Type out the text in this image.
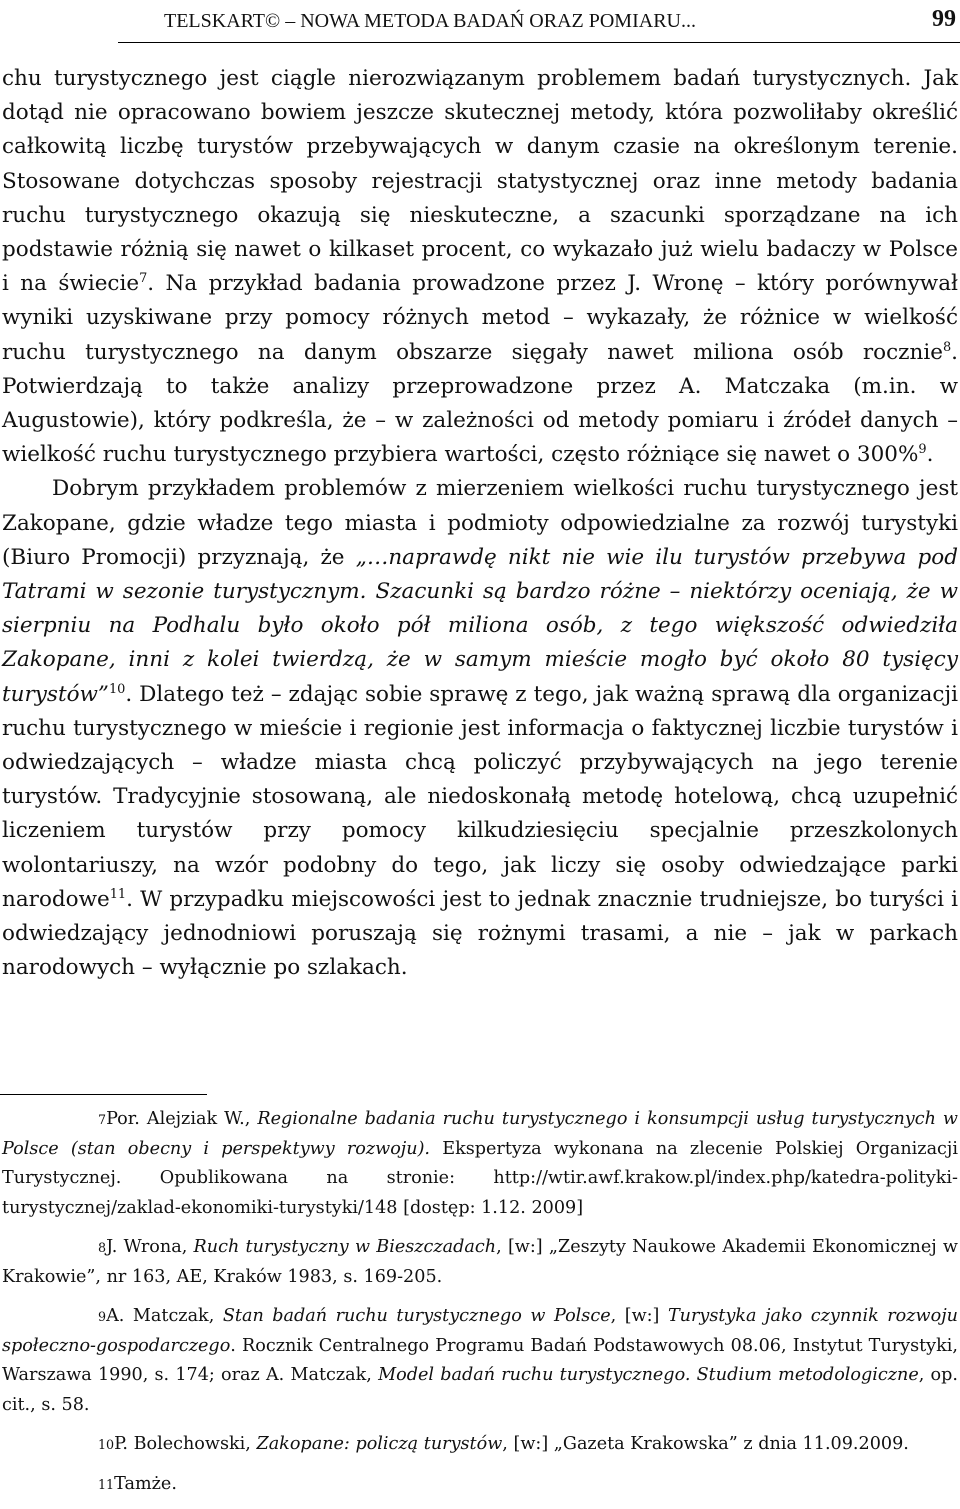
TELSKART© – NOWA METODA BADAŃ ORAZ POMIARU...	99

chu turystycznego jest ciągle nierozwiązanym problemem badań turystycznych. Jak dotąd nie opracowano bowiem jeszcze skutecznej metody, która pozwoliłaby określić całkowitą liczbę turystów przebywających w danym czasie na określonym terenie. Stosowane dotychczas sposoby rejestracji statystycznej oraz inne metody badania ruchu turystycznego okazują się nieskuteczne, a szacunki sporządzane na ich podstawie różnią się nawet o kilkaset procent, co wykazało już wielu badaczy w Polsce i na świecie$^7$. Na przykład badania prowadzone przez J. Wronę – który porównywał wyniki uzyskiwane przy pomocy różnych metod – wykazały, że różnice w wielkość ruchu turystycznego na danym obszarze sięgały nawet miliona osób rocznie$^8$. Potwierdzają to także analizy przeprowadzone przez A. Matczaka (m.in. w Augustowie), który podkreśla, że – w zależności od metody pomiaru i źródeł danych – wielkość ruchu turystycznego przybiera wartości, często różniące się nawet o 300%$^9$.

Dobrym przykładem problemów z mierzeniem wielkości ruchu turystycznego jest Zakopane, gdzie władze tego miasta i podmioty odpowiedzialne za rozwój turystyki (Biuro Promocji) przyznają, że „…naprawdę nikt nie wie ilu turystów przebywa pod Tatrami w sezonie turystycznym. Szacunki są bardzo różne – niektórzy oceniają, że w sierpniu na Podhalu było około pół miliona osób, z tego większość odwiedziła Zakopane, inni z kolei twierdzą, że w samym mieście mogło być około 80 tysięcy turystów”$^{10}$. Dlatego też – zdając sobie sprawę z tego, jak ważną sprawą dla organizacji ruchu turystycznego w mieście i regionie jest informacja o faktycznej liczbie turystów i odwiedzających – władze miasta chcą policzyć przybywających na jego terenie turystów. Tradycyjnie stosowaną, ale niedoskonałą metodę hotelową, chcą uzupełnić liczeniem turystów przy pomocy kilkudziesięciu specjalnie przeszkolonych wolontariuszy, na wzór podobny do tego, jak liczy się osoby odwiedzające parki narodowe$^{11}$. W przypadku miejscowości jest to jednak znacznie trudniejsze, bo turyści i odwiedzający jednodniowi poruszają się rożnymi trasami, a nie – jak w parkach narodowych – wyłącznie po szlakach.

7Por. Alejziak W., Regionalne badania ruchu turystycznego i konsumpcji usług turystycznych w Polsce (stan obecny i perspektywy rozwoju). Ekspertyza wykonana na zlecenie Polskiej Organizacji Turystycznej. Opublikowana na stronie: http://wtir.awf.krakow.pl/index.php/katedra-polityki-turystycznej/zaklad-ekonomiki-turystyki/148 [dostęp: 1.12. 2009]

8J. Wrona, Ruch turystyczny w Bieszczadach, [w:] „Zeszyty Naukowe Akademii Ekonomicznej w Krakowie”, nr 163, AE, Kraków 1983, s. 169-205.

9A. Matczak, Stan badań ruchu turystycznego w Polsce, [w:] Turystyka jako czynnik rozwoju społeczno-gospodarczego. Rocznik Centralnego Programu Badań Podstawowych 08.06, Instytut Turystyki, Warszawa 1990, s. 174; oraz A. Matczak, Model badań ruchu turystycznego. Studium metodologiczne, op. cit., s. 58.

10P. Bolechowski, Zakopane: policzą turystów, [w:] „Gazeta Krakowska” z dnia 11.09.2009.

11Tamże.
